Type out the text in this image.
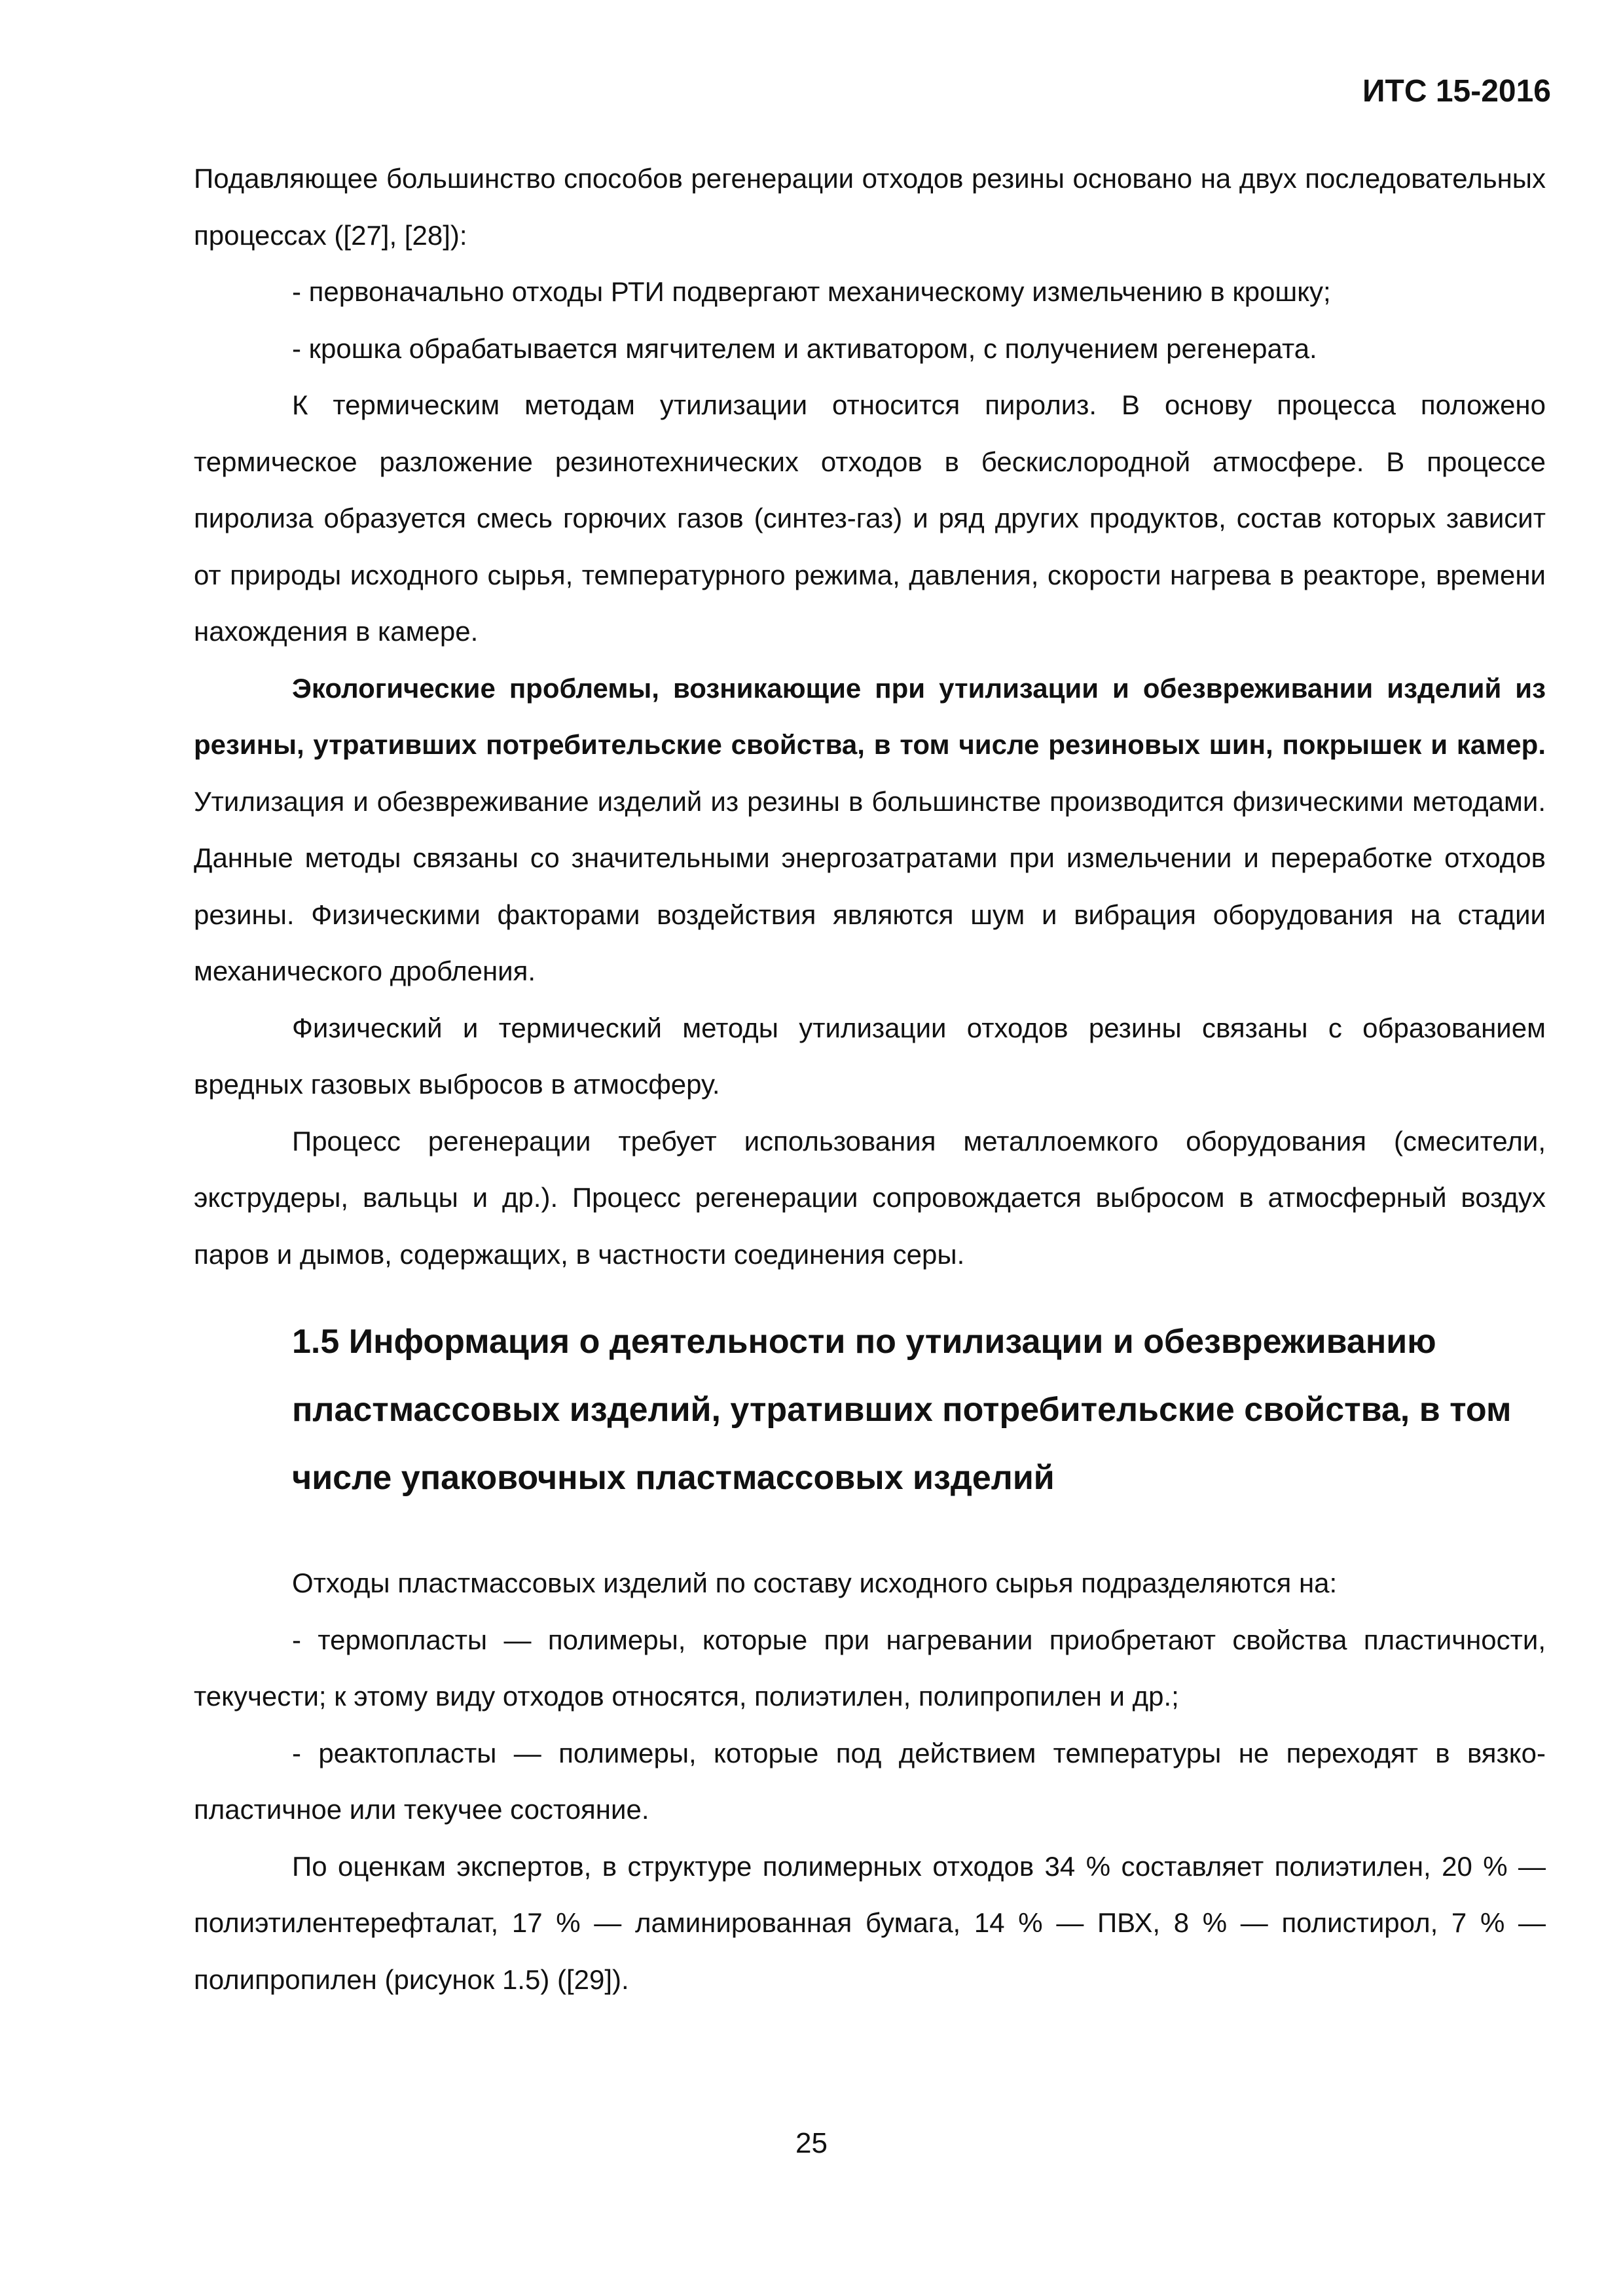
ИТС 15-2016

Подавляющее большинство способов регенерации отходов резины основано на двух последовательных процессах ([27], [28]):

- первоначально отходы РТИ подвергают механическому измельчению в крошку;

- крошка обрабатывается мягчителем и активатором, с получением регенерата.

К термическим методам утилизации относится пиролиз. В основу процесса положено термическое разложение резинотехнических отходов в бескислородной атмосфере. В процессе пиролиза образуется смесь горючих газов (синтез-газ) и ряд других продуктов, состав которых зависит от природы исходного сырья, температурного режима, давления, скорости нагрева в реакторе, времени нахождения в камере.

Экологические проблемы, возникающие при утилизации и обезвреживании изделий из резины, утративших потребительские свойства, в том числе резиновых шин, покрышек и камер. Утилизация и обезвреживание изделий из резины в большинстве производится физическими методами. Данные методы связаны со значительными энергозатратами при измельчении и переработке отходов резины. Физическими факторами воздействия являются шум и вибрация оборудования на стадии механического дробления.

Физический и термический методы утилизации отходов резины связаны с образованием вредных газовых выбросов в атмосферу.

Процесс регенерации требует использования металлоемкого оборудования (смесители, экструдеры, вальцы и др.). Процесс регенерации сопровождается выбросом в атмосферный воздух паров и дымов, содержащих, в частности соединения серы.

1.5 Информация о деятельности по утилизации и обезвреживанию пластмассовых изделий, утративших потребительские свойства, в том числе упаковочных пластмассовых изделий

Отходы пластмассовых изделий по составу исходного сырья подразделяются на:

- термопласты — полимеры, которые при нагревании приобретают свойства пластичности, текучести; к этому виду отходов относятся, полиэтилен, полипропилен и др.;

- реактопласты — полимеры, которые под действием температуры не переходят в вязко-пластичное или текучее состояние.

По оценкам экспертов, в структуре полимерных отходов 34 % составляет полиэтилен, 20 % — полиэтилентерефталат, 17 % — ламинированная бумага, 14 % — ПВХ, 8 % — полистирол, 7 % — полипропилен (рисунок 1.5) ([29]).

25
